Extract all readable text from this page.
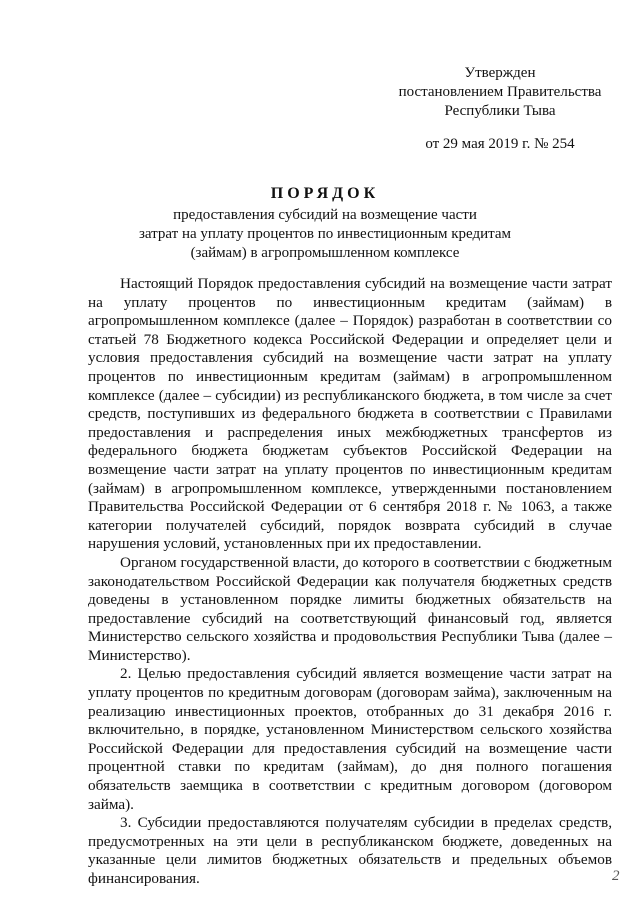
Утвержден
постановлением Правительства
Республики Тыва
от 29 мая 2019 г. № 254
ПОРЯДОК
предоставления субсидий на возмещение части
затрат на уплату процентов по инвестиционным кредитам
(займам) в агропромышленном комплексе

Настоящий Порядок предоставления субсидий на возмещение части затрат на уплату процентов по инвестиционным кредитам (займам) в агропромышленном комплексе (далее – Порядок) разработан в соответствии со статьей 78 Бюджетного кодекса Российской Федерации и определяет цели и условия предоставления субсидий на возмещение части затрат на уплату процентов по инвестиционным кредитам (займам) в агропромышленном комплексе (далее – субсидии) из республиканского бюджета, в том числе за счет средств, поступивших из федерального бюджета в соответствии с Правилами предоставления и распределения иных межбюджетных трансфертов из федерального бюджета бюджетам субъектов Российской Федерации на возмещение части затрат на уплату процентов по инвестиционным кредитам (займам) в агропромышленном комплексе, утвержденными постановлением Правительства Российской Федерации от 6 сентября 2018 г. № 1063, а также категории получателей субсидий, порядок возврата субсидий в случае нарушения условий, установленных при их предоставлении.

Органом государственной власти, до которого в соответствии с бюджетным законодательством Российской Федерации как получателя бюджетных средств доведены в установленном порядке лимиты бюджетных обязательств на предоставление субсидий на соответствующий финансовый год, является Министерство сельского хозяйства и продовольствия Республики Тыва (далее – Министерство).

2. Целью предоставления субсидий является возмещение части затрат на уплату процентов по кредитным договорам (договорам займа), заключенным на реализацию инвестиционных проектов, отобранных до 31 декабря 2016 г. включительно, в порядке, установленном Министерством сельского хозяйства Российской Федерации для предоставления субсидий на возмещение части процентной ставки по кредитам (займам), до дня полного погашения обязательств заемщика в соответствии с кредитным договором (договором займа).

3. Субсидии предоставляются получателям субсидии в пределах средств, предусмотренных на эти цели в республиканском бюджете, доведенных на указанные цели лимитов бюджетных обязательств и предельных объемов финансирования.	2
